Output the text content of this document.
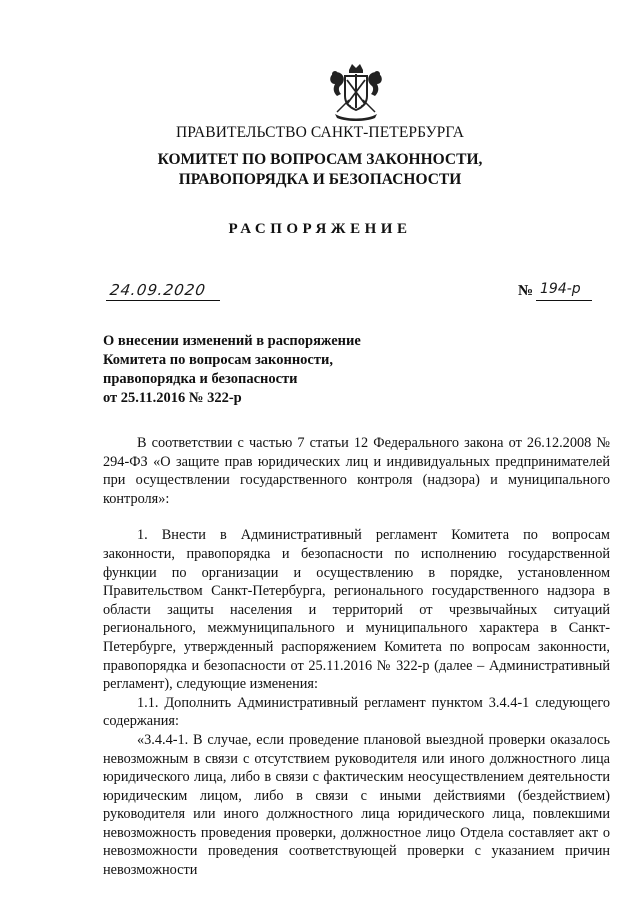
ПРАВИТЕЛЬСТВО САНКТ-ПЕТЕРБУРГА
КОМИТЕТ ПО ВОПРОСАМ ЗАКОННОСТИ,
ПРАВОПОРЯДКА И БЕЗОПАСНОСТИ
РАСПОРЯЖЕНИЕ
24.09.2020	№ 194-р
О внесении изменений в распоряжение
Комитета по вопросам законности,
правопорядка и безопасности
от 25.11.2016 № 322-р

В соответствии с частью 7 статьи 12 Федерального закона от 26.12.2008 № 294-ФЗ «О защите прав юридических лиц и индивидуальных предпринимателей при осуществлении государственного контроля (надзора) и муниципального контроля»:

1. Внести в Административный регламент Комитета по вопросам законности, правопорядка и безопасности по исполнению государственной функции по организации и осуществлению в порядке, установленном Правительством Санкт-Петербурга, регионального государственного надзора в области защиты населения и территорий от чрезвычайных ситуаций регионального, межмуниципального и муниципального характера в Санкт-Петербурге, утвержденный распоряжением Комитета по вопросам законности, правопорядка и безопасности от 25.11.2016 № 322-р (далее – Административный регламент), следующие изменения:

1.1. Дополнить Административный регламент пунктом 3.4.4-1 следующего содержания:

«3.4.4-1. В случае, если проведение плановой выездной проверки оказалось невозможным в связи с отсутствием руководителя или иного должностного лица юридического лица, либо в связи с фактическим неосуществлением деятельности юридическим лицом, либо в связи с иными действиями (бездействием) руководителя или иного должностного лица юридического лица, повлекшими невозможность проведения проверки, должностное лицо Отдела составляет акт о невозможности проведения соответствующей проверки с указанием причин невозможности
